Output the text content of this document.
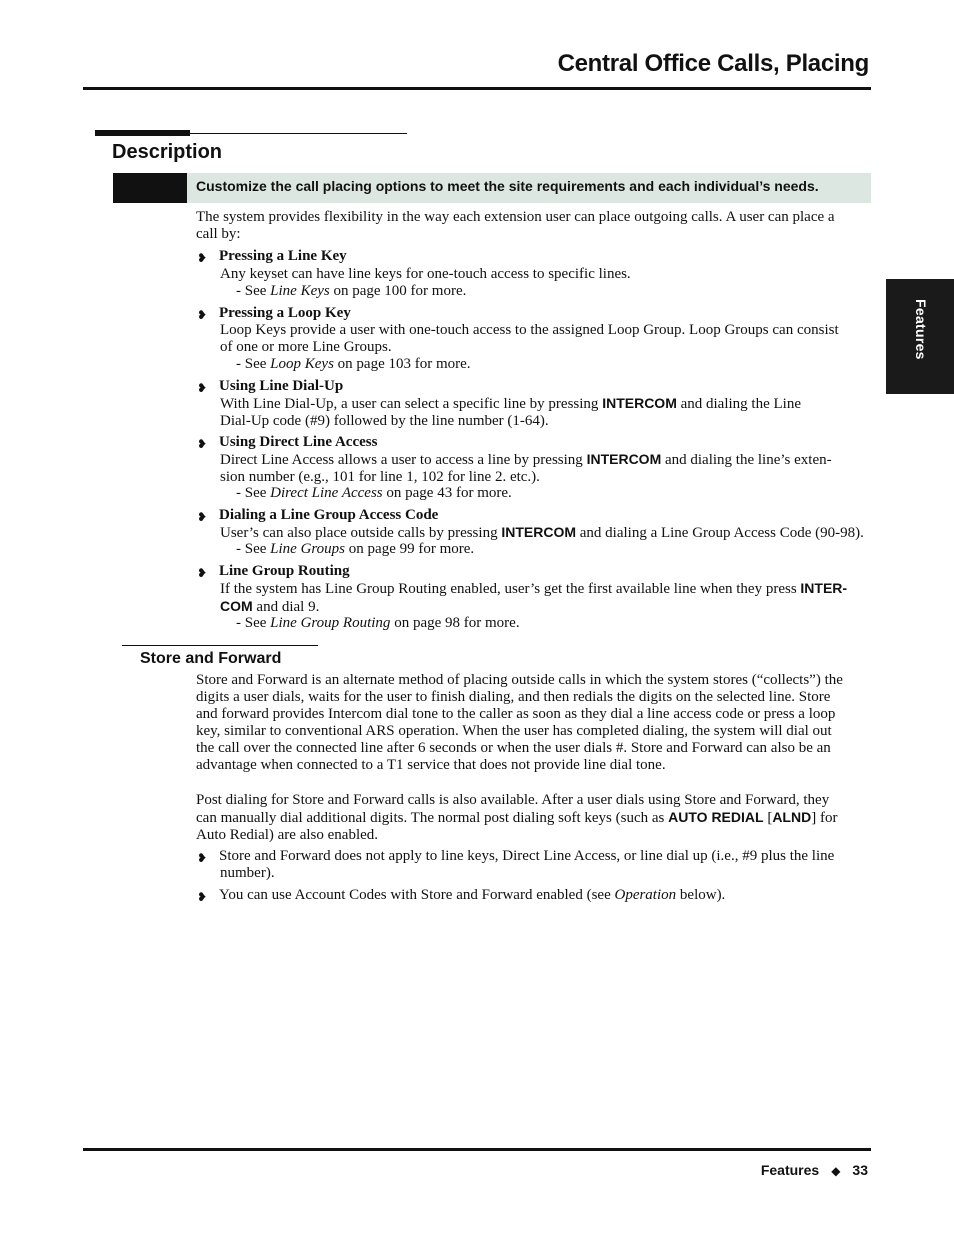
Central Office Calls, Placing
Features
Description
Customize the call placing options to meet the site requirements and each individual’s needs.
The system provides flexibility in the way each extension user can place outgoing calls. A user can place a
call by:
❥ Pressing a Line Key
Any keyset can have line keys for one-touch access to specific lines.
- See Line Keys on page 100 for more.
❥ Pressing a Loop Key
Loop Keys provide a user with one-touch access to the assigned Loop Group. Loop Groups can consist
of one or more Line Groups.
- See Loop Keys on page 103 for more.
❥ Using Line Dial-Up
With Line Dial-Up, a user can select a specific line by pressing INTERCOM and dialing the Line
Dial-Up code (#9) followed by the line number (1-64).
❥ Using Direct Line Access
Direct Line Access allows a user to access a line by pressing INTERCOM and dialing the line’s exten-
sion number (e.g., 101 for line 1, 102 for line 2. etc.).
- See Direct Line Access on page 43 for more.
❥ Dialing a Line Group Access Code
User’s can also place outside calls by pressing INTERCOM and dialing a Line Group Access Code (90-98).
- See Line Groups on page 99 for more.
❥ Line Group Routing
If the system has Line Group Routing enabled, user’s get the first available line when they press INTER-
COM and dial 9.
- See Line Group Routing on page 98 for more.
Store and Forward
Store and Forward is an alternate method of placing outside calls in which the system stores (“collects”) the
digits a user dials, waits for the user to finish dialing, and then redials the digits on the selected line. Store
and forward provides Intercom dial tone to the caller as soon as they dial a line access code or press a loop
key, similar to conventional ARS operation. When the user has completed dialing, the system will dial out
the call over the connected line after 6 seconds or when the user dials #. Store and Forward can also be an
advantage when connected to a T1 service that does not provide line dial tone.
Post dialing for Store and Forward calls is also available. After a user dials using Store and Forward, they
can manually dial additional digits. The normal post dialing soft keys (such as AUTO REDIAL [ALND] for
Auto Redial) are also enabled.
❥ Store and Forward does not apply to line keys, Direct Line Access, or line dial up (i.e., #9 plus the line
number).
❥ You can use Account Codes with Store and Forward enabled (see Operation below).
Features ◆ 33
